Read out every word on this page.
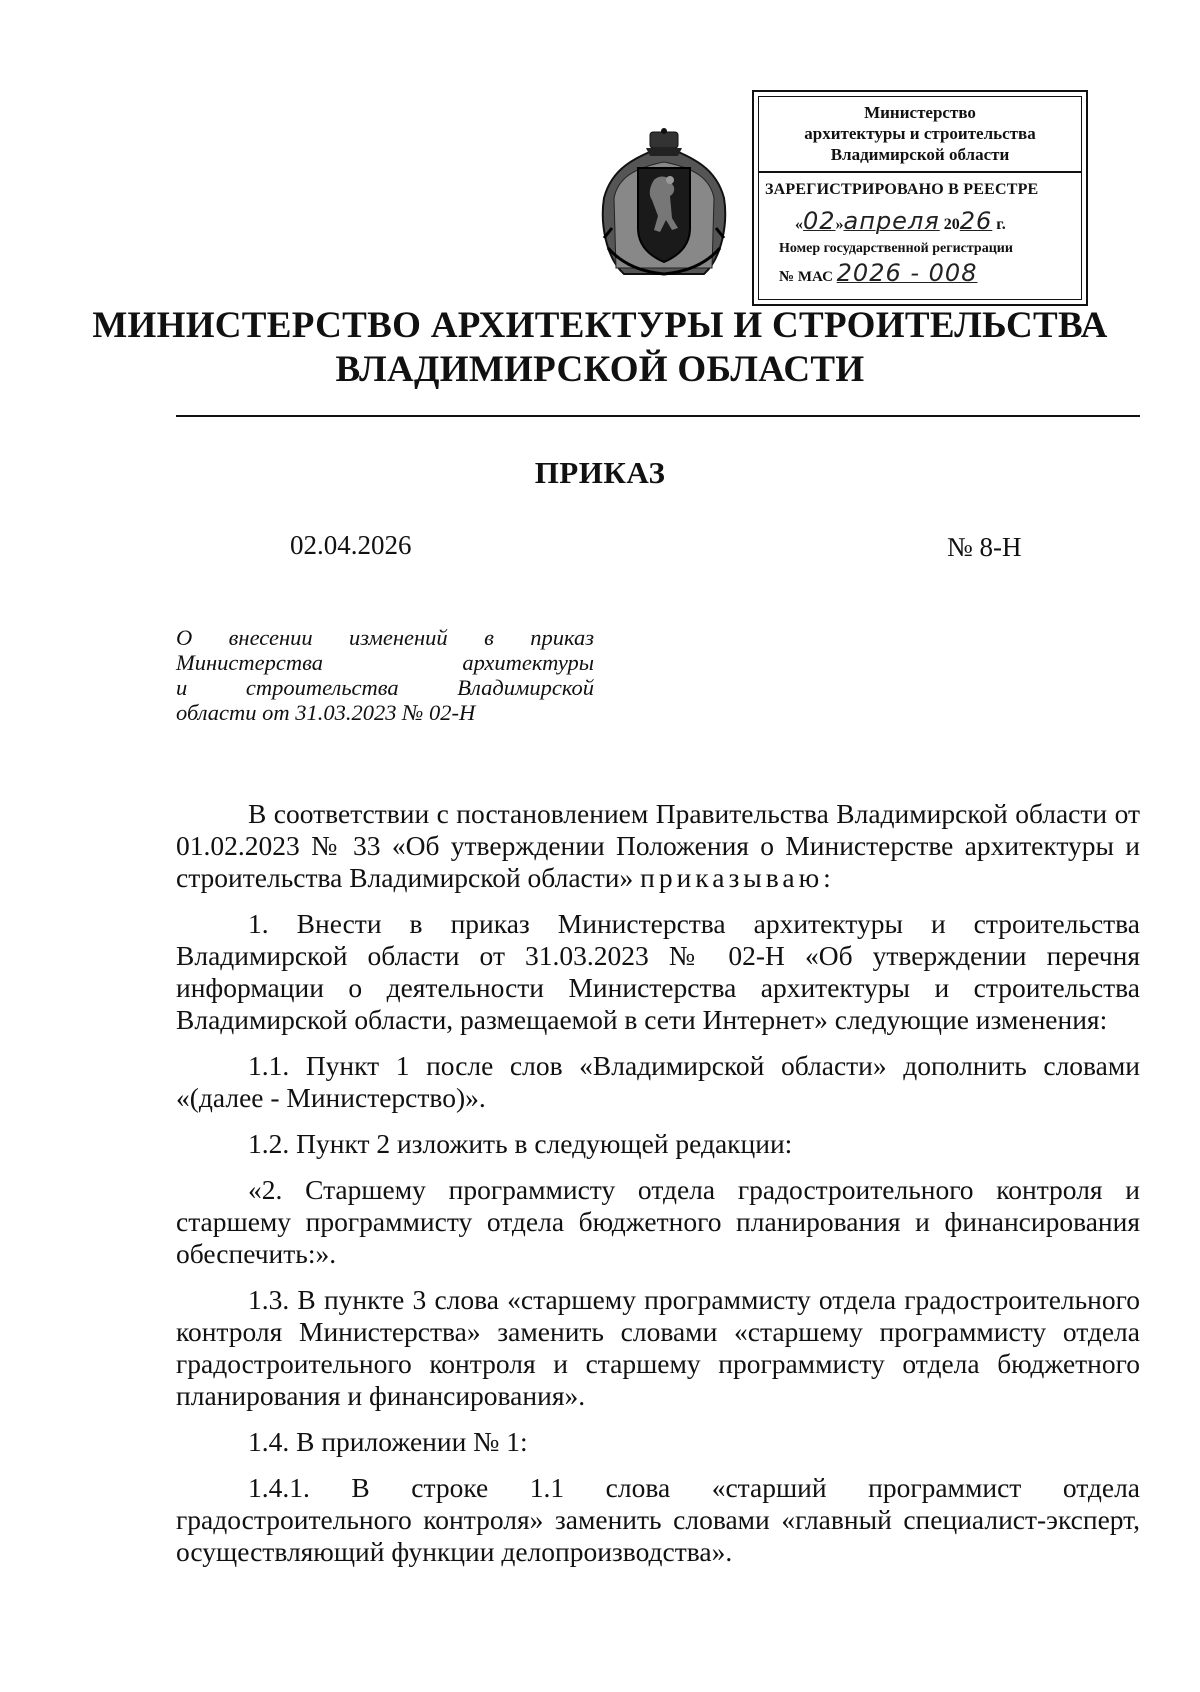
Министерство
архитектуры и строительства
Владимирской области
ЗАРЕГИСТРИРОВАНО В РЕЕСТРЕ
«02»апреля 2026 г.
Номер государственной регистрации
№ МАС 2026 - 008
МИНИСТЕРСТВО АРХИТЕКТУРЫ И СТРОИТЕЛЬСТВА
ВЛАДИМИРСКОЙ ОБЛАСТИ
ПРИКАЗ
02.04.2026	№ 8-Н
О внесении изменений в приказ
Министерства архитектуры
и строительства Владимирской
области от 31.03.2023 № 02-Н

В соответствии с постановлением Правительства Владимирской области от 01.02.2023 № 33 «Об утверждении Положения о Министерстве архитектуры и строительства Владимирской области» приказываю:

1. Внести в приказ Министерства архитектуры и строительства Владимирской области от 31.03.2023 № 02-Н «Об утверждении перечня информации о деятельности Министерства архитектуры и строительства Владимирской области, размещаемой в сети Интернет» следующие изменения:

1.1. Пункт 1 после слов «Владимирской области» дополнить словами «(далее - Министерство)».

1.2. Пункт 2 изложить в следующей редакции:

«2. Старшему программисту отдела градостроительного контроля и старшему программисту отдела бюджетного планирования и финансирования обеспечить:».

1.3. В пункте 3 слова «старшему программисту отдела градостроительного контроля Министерства» заменить словами «старшему программисту отдела градостроительного контроля и старшему программисту отдела бюджетного планирования и финансирования».

1.4. В приложении № 1:

1.4.1. В строке 1.1 слова «старший программист отдела градостроительного контроля» заменить словами «главный специалист-эксперт, осуществляющий функции делопроизводства».
